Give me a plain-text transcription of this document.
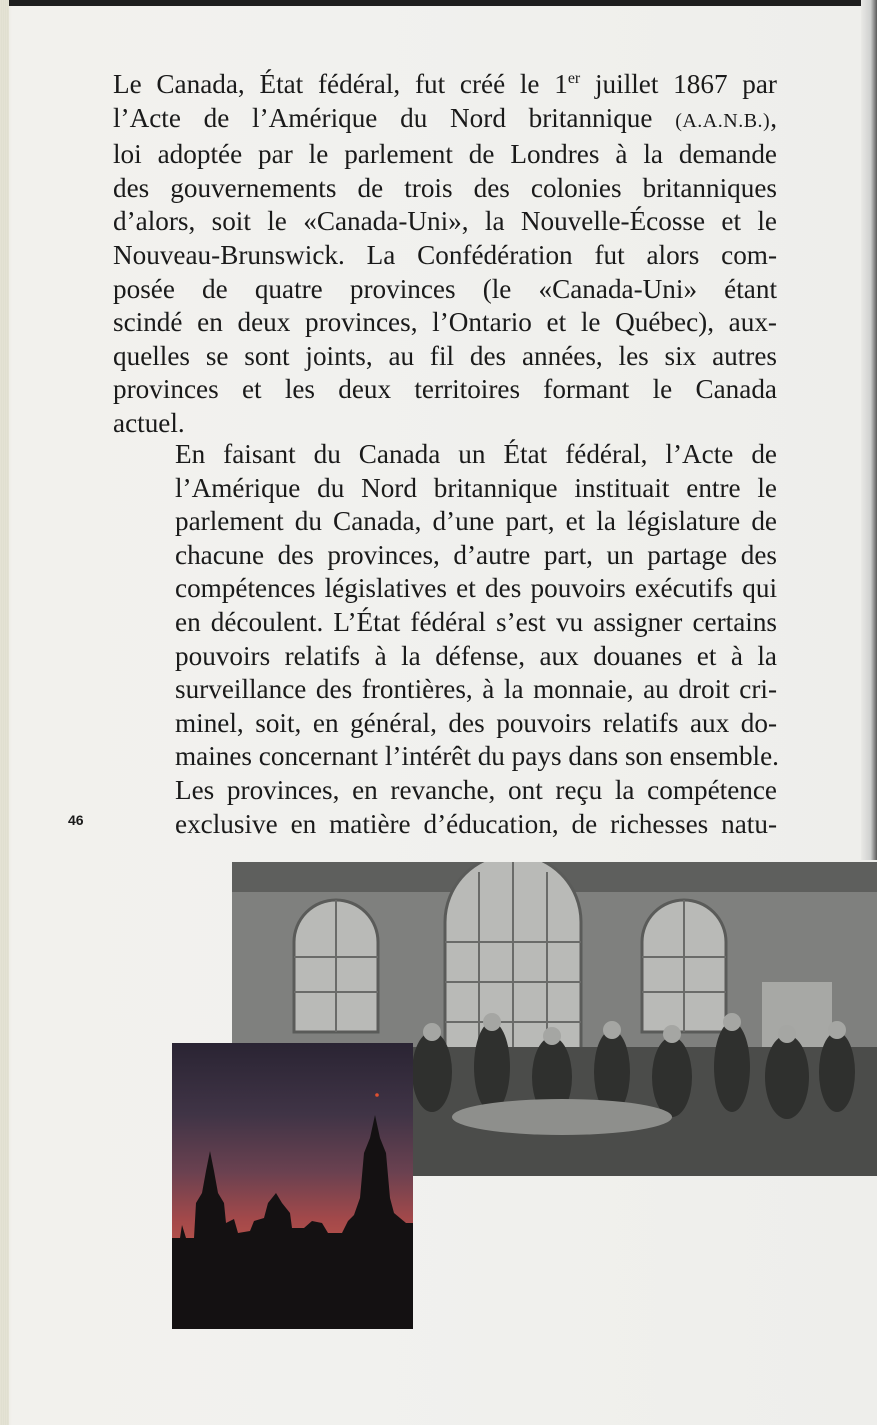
Le Canada, État fédéral, fut créé le 1er juillet 1867 par
l’Acte de l’Amérique du Nord britannique (A.A.N.B.),
loi adoptée par le parlement de Londres à la demande
des gouvernements de trois des colonies britanniques
d’alors, soit le «Canada-Uni», la Nouvelle-Écosse et le
Nouveau-Brunswick. La Confédération fut alors com-
posée de quatre provinces (le «Canada-Uni» étant
scindé en deux provinces, l’Ontario et le Québec), aux-
quelles se sont joints, au fil des années, les six autres
provinces et les deux territoires formant le Canada
actuel.

En faisant du Canada un État fédéral, l’Acte de
l’Amérique du Nord britannique instituait entre le
parlement du Canada, d’une part, et la législature de
chacune des provinces, d’autre part, un partage des
compétences législatives et des pouvoirs exécutifs qui
en découlent. L’État fédéral s’est vu assigner certains
pouvoirs relatifs à la défense, aux douanes et à la
surveillance des frontières, à la monnaie, au droit cri-
minel, soit, en général, des pouvoirs relatifs aux do-
maines concernant l’intérêt du pays dans son ensemble.
Les provinces, en revanche, ont reçu la compétence
exclusive en matière d’éducation, de richesses natu-

46
